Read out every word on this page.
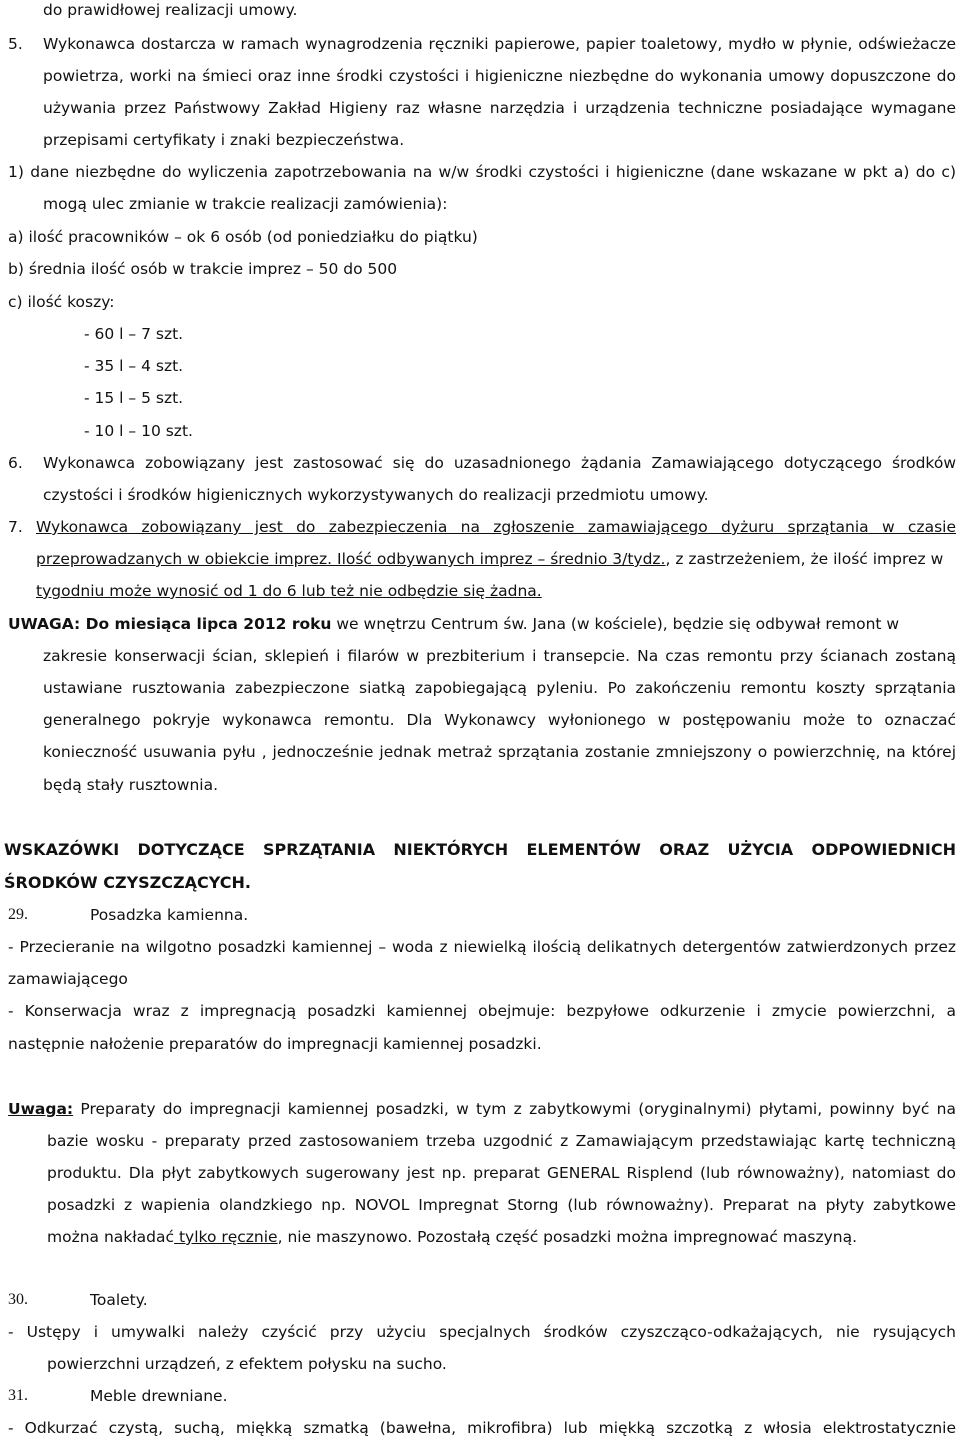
do prawidłowej realizacji umowy.
5. Wykonawca dostarcza w ramach wynagrodzenia ręczniki papierowe, papier toaletowy, mydło w płynie, odświeżacze
powietrza, worki na śmieci oraz inne środki czystości i higieniczne niezbędne do wykonania umowy dopuszczone do
używania przez Państwowy Zakład Higieny raz własne narzędzia i urządzenia techniczne posiadające wymagane
przepisami certyfikaty i znaki bezpieczeństwa.
1) dane niezbędne do wyliczenia zapotrzebowania na w/w środki czystości i higieniczne (dane wskazane w pkt a) do c)
mogą ulec zmianie w trakcie realizacji zamówienia):
a) ilość pracowników – ok 6 osób (od poniedziałku do piątku)
b) średnia ilość osób w trakcie imprez – 50 do 500
c) ilość koszy:
- 60 l – 7 szt.
- 35 l – 4 szt.
- 15 l – 5 szt.
- 10 l – 10 szt.
6. Wykonawca zobowiązany jest zastosować się do uzasadnionego żądania Zamawiającego dotyczącego środków
czystości i środków higienicznych wykorzystywanych do realizacji przedmiotu umowy.
7. Wykonawca zobowiązany jest do zabezpieczenia na zgłoszenie zamawiającego dyżuru sprzątania w czasie
przeprowadzanych w obiekcie imprez. Ilość odbywanych imprez – średnio 3/tydz., z zastrzeżeniem, że ilość imprez w
tygodniu może wynosić od 1 do 6 lub też nie odbędzie się żadna.
UWAGA: Do miesiąca lipca 2012 roku we wnętrzu Centrum św. Jana (w kościele), będzie się odbywał remont w
zakresie konserwacji ścian, sklepień i filarów w prezbiterium i transepcie. Na czas remontu przy ścianach zostaną
ustawiane rusztowania zabezpieczone siatką zapobiegającą pyleniu. Po zakończeniu remontu koszty sprzątania
generalnego pokryje wykonawca remontu. Dla Wykonawcy wyłonionego w postępowaniu może to oznaczać
konieczność usuwania pyłu , jednocześnie jednak metraż sprzątania zostanie zmniejszony o powierzchnię, na której
będą stały rusztownia.
WSKAZÓWKI DOTYCZĄCE SPRZĄTANIA NIEKTÓRYCH ELEMENTÓW ORAZ UŻYCIA ODPOWIEDNICH
ŚRODKÓW CZYSZCZĄCYCH.
29.	Posadzka kamienna.
- Przecieranie na wilgotno posadzki kamiennej – woda z niewielką ilością delikatnych detergentów zatwierdzonych przez
zamawiającego
- Konserwacja wraz z impregnacją posadzki kamiennej obejmuje: bezpyłowe odkurzenie i zmycie powierzchni, a
następnie nałożenie preparatów do impregnacji kamiennej posadzki.
Uwaga: Preparaty do impregnacji kamiennej posadzki, w tym z zabytkowymi (oryginalnymi) płytami, powinny być na
bazie wosku - preparaty przed zastosowaniem trzeba uzgodnić z Zamawiającym przedstawiając kartę techniczną
produktu. Dla płyt zabytkowych sugerowany jest np. preparat GENERAL Risplend (lub równoważny), natomiast do
posadzki z wapienia olandzkiego np. NOVOL Impregnat Storng (lub równoważny). Preparat na płyty zabytkowe
można nakładać tylko ręcznie, nie maszynowo. Pozostałą część posadzki można impregnować maszyną.
30.	Toalety.
- Ustępy i umywalki należy czyścić przy użyciu specjalnych środków czyszcząco-odkażających, nie rysujących
powierzchni urządzeń, z efektem połysku na sucho.
31.	Meble drewniane.
- Odkurzać czystą, suchą, miękką szmatką (bawełna, mikrofibra) lub miękką szczotką z włosia elektrostatycznie
